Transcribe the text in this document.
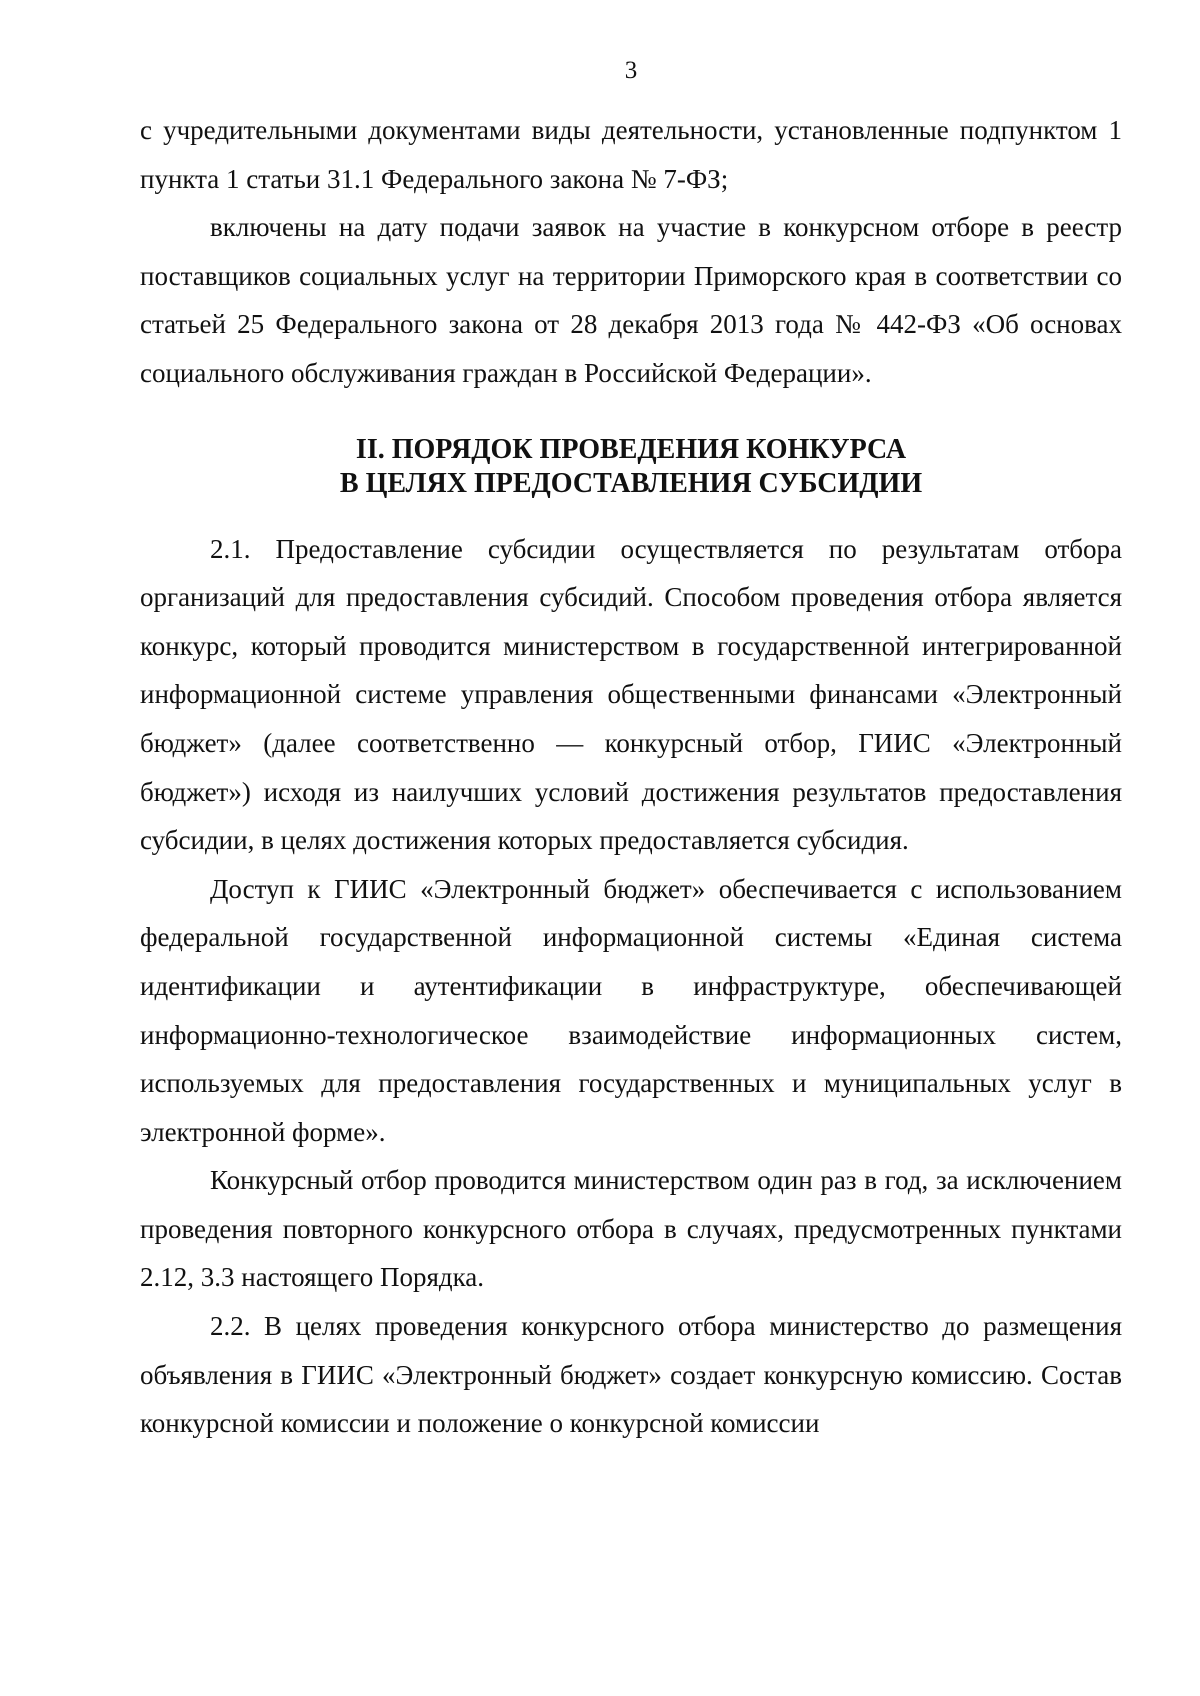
3

с учредительными документами виды деятельности, установленные подпунктом 1 пункта 1 статьи 31.1 Федерального закона № 7-ФЗ;

включены на дату подачи заявок на участие в конкурсном отборе в реестр поставщиков социальных услуг на территории Приморского края в соответствии со статьей 25 Федерального закона от 28 декабря 2013 года № 442-ФЗ «Об основах социального обслуживания граждан в Российской Федерации».

II. ПОРЯДОК ПРОВЕДЕНИЯ КОНКУРСА
В ЦЕЛЯХ ПРЕДОСТАВЛЕНИЯ СУБСИДИИ

2.1. Предоставление субсидии осуществляется по результатам отбора организаций для предоставления субсидий. Способом проведения отбора является конкурс, который проводится министерством в государственной интегрированной информационной системе управления общественными финансами «Электронный бюджет» (далее соответственно — конкурсный отбор, ГИИС «Электронный бюджет») исходя из наилучших условий достижения результатов предоставления субсидии, в целях достижения которых предоставляется субсидия.

Доступ к ГИИС «Электронный бюджет» обеспечивается с использованием федеральной государственной информационной системы «Единая система идентификации и аутентификации в инфраструктуре, обеспечивающей информационно-технологическое взаимодействие информационных систем, используемых для предоставления государственных и муниципальных услуг в электронной форме».

Конкурсный отбор проводится министерством один раз в год, за исключением проведения повторного конкурсного отбора в случаях, предусмотренных пунктами 2.12, 3.3 настоящего Порядка.

2.2. В целях проведения конкурсного отбора министерство до размещения объявления в ГИИС «Электронный бюджет» создает конкурсную комиссию. Состав конкурсной комиссии и положение о конкурсной комиссии
